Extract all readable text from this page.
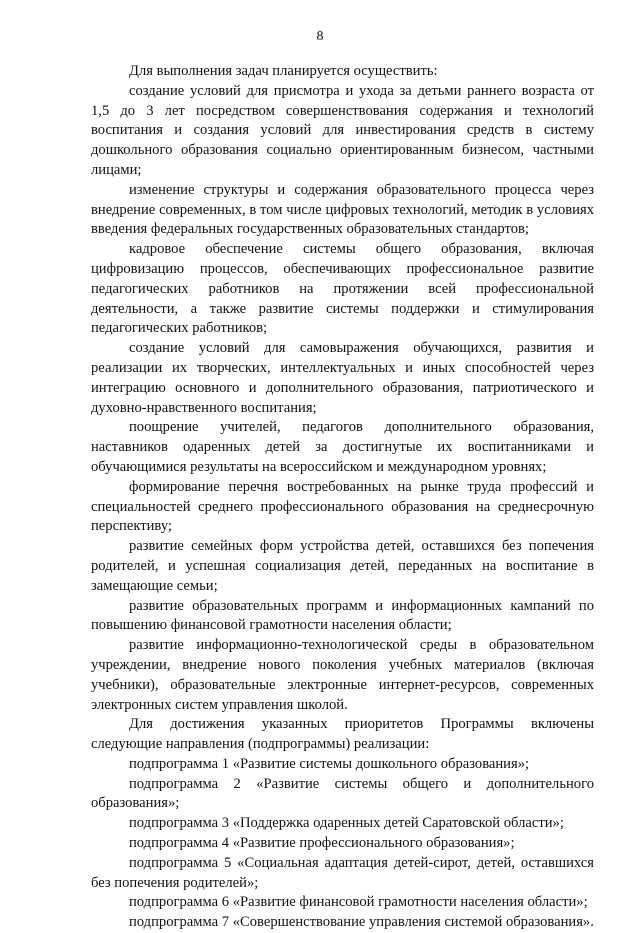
8

Для выполнения задач планируется осуществить:

создание условий для присмотра и ухода за детьми раннего возраста от 1,5 до 3 лет посредством совершенствования содержания и технологий воспитания и создания условий для инвестирования средств в систему дошкольного образования социально ориентированным бизнесом, частными лицами;

изменение структуры и содержания образовательного процесса через внедрение современных, в том числе цифровых технологий, методик в условиях введения федеральных государственных образовательных стандартов;

кадровое обеспечение системы общего образования, включая цифровизацию процессов, обеспечивающих профессиональное развитие педагогических работников на протяжении всей профессиональной деятельности, а также развитие системы поддержки и стимулирования педагогических работников;

создание условий для самовыражения обучающихся, развития и реализации их творческих, интеллектуальных и иных способностей через интеграцию основного и дополнительного образования, патриотического и духовно-нравственного воспитания;

поощрение учителей, педагогов дополнительного образования, наставников одаренных детей за достигнутые их воспитанниками и обучающимися результаты на всероссийском и международном уровнях;

формирование перечня востребованных на рынке труда профессий и специальностей среднего профессионального образования на среднесрочную перспективу;

развитие семейных форм устройства детей, оставшихся без попечения родителей, и успешная социализация детей, переданных на воспитание в замещающие семьи;

развитие образовательных программ и информационных кампаний по повышению финансовой грамотности населения области;

развитие информационно-технологической среды в образовательном учреждении, внедрение нового поколения учебных материалов (включая учебники), образовательные электронные интернет-ресурсов, современных электронных систем управления школой.

Для достижения указанных приоритетов Программы включены следующие направления (подпрограммы) реализации:

подпрограмма 1 «Развитие системы дошкольного образования»;

подпрограмма 2 «Развитие системы общего и дополнительного образования»;

подпрограмма 3 «Поддержка одаренных детей Саратовской области»;

подпрограмма 4 «Развитие профессионального образования»;

подпрограмма 5 «Социальная адаптация детей-сирот, детей, оставшихся без попечения родителей»;

подпрограмма 6 «Развитие финансовой грамотности населения области»;

подпрограмма 7 «Совершенствование управления системой образования».
